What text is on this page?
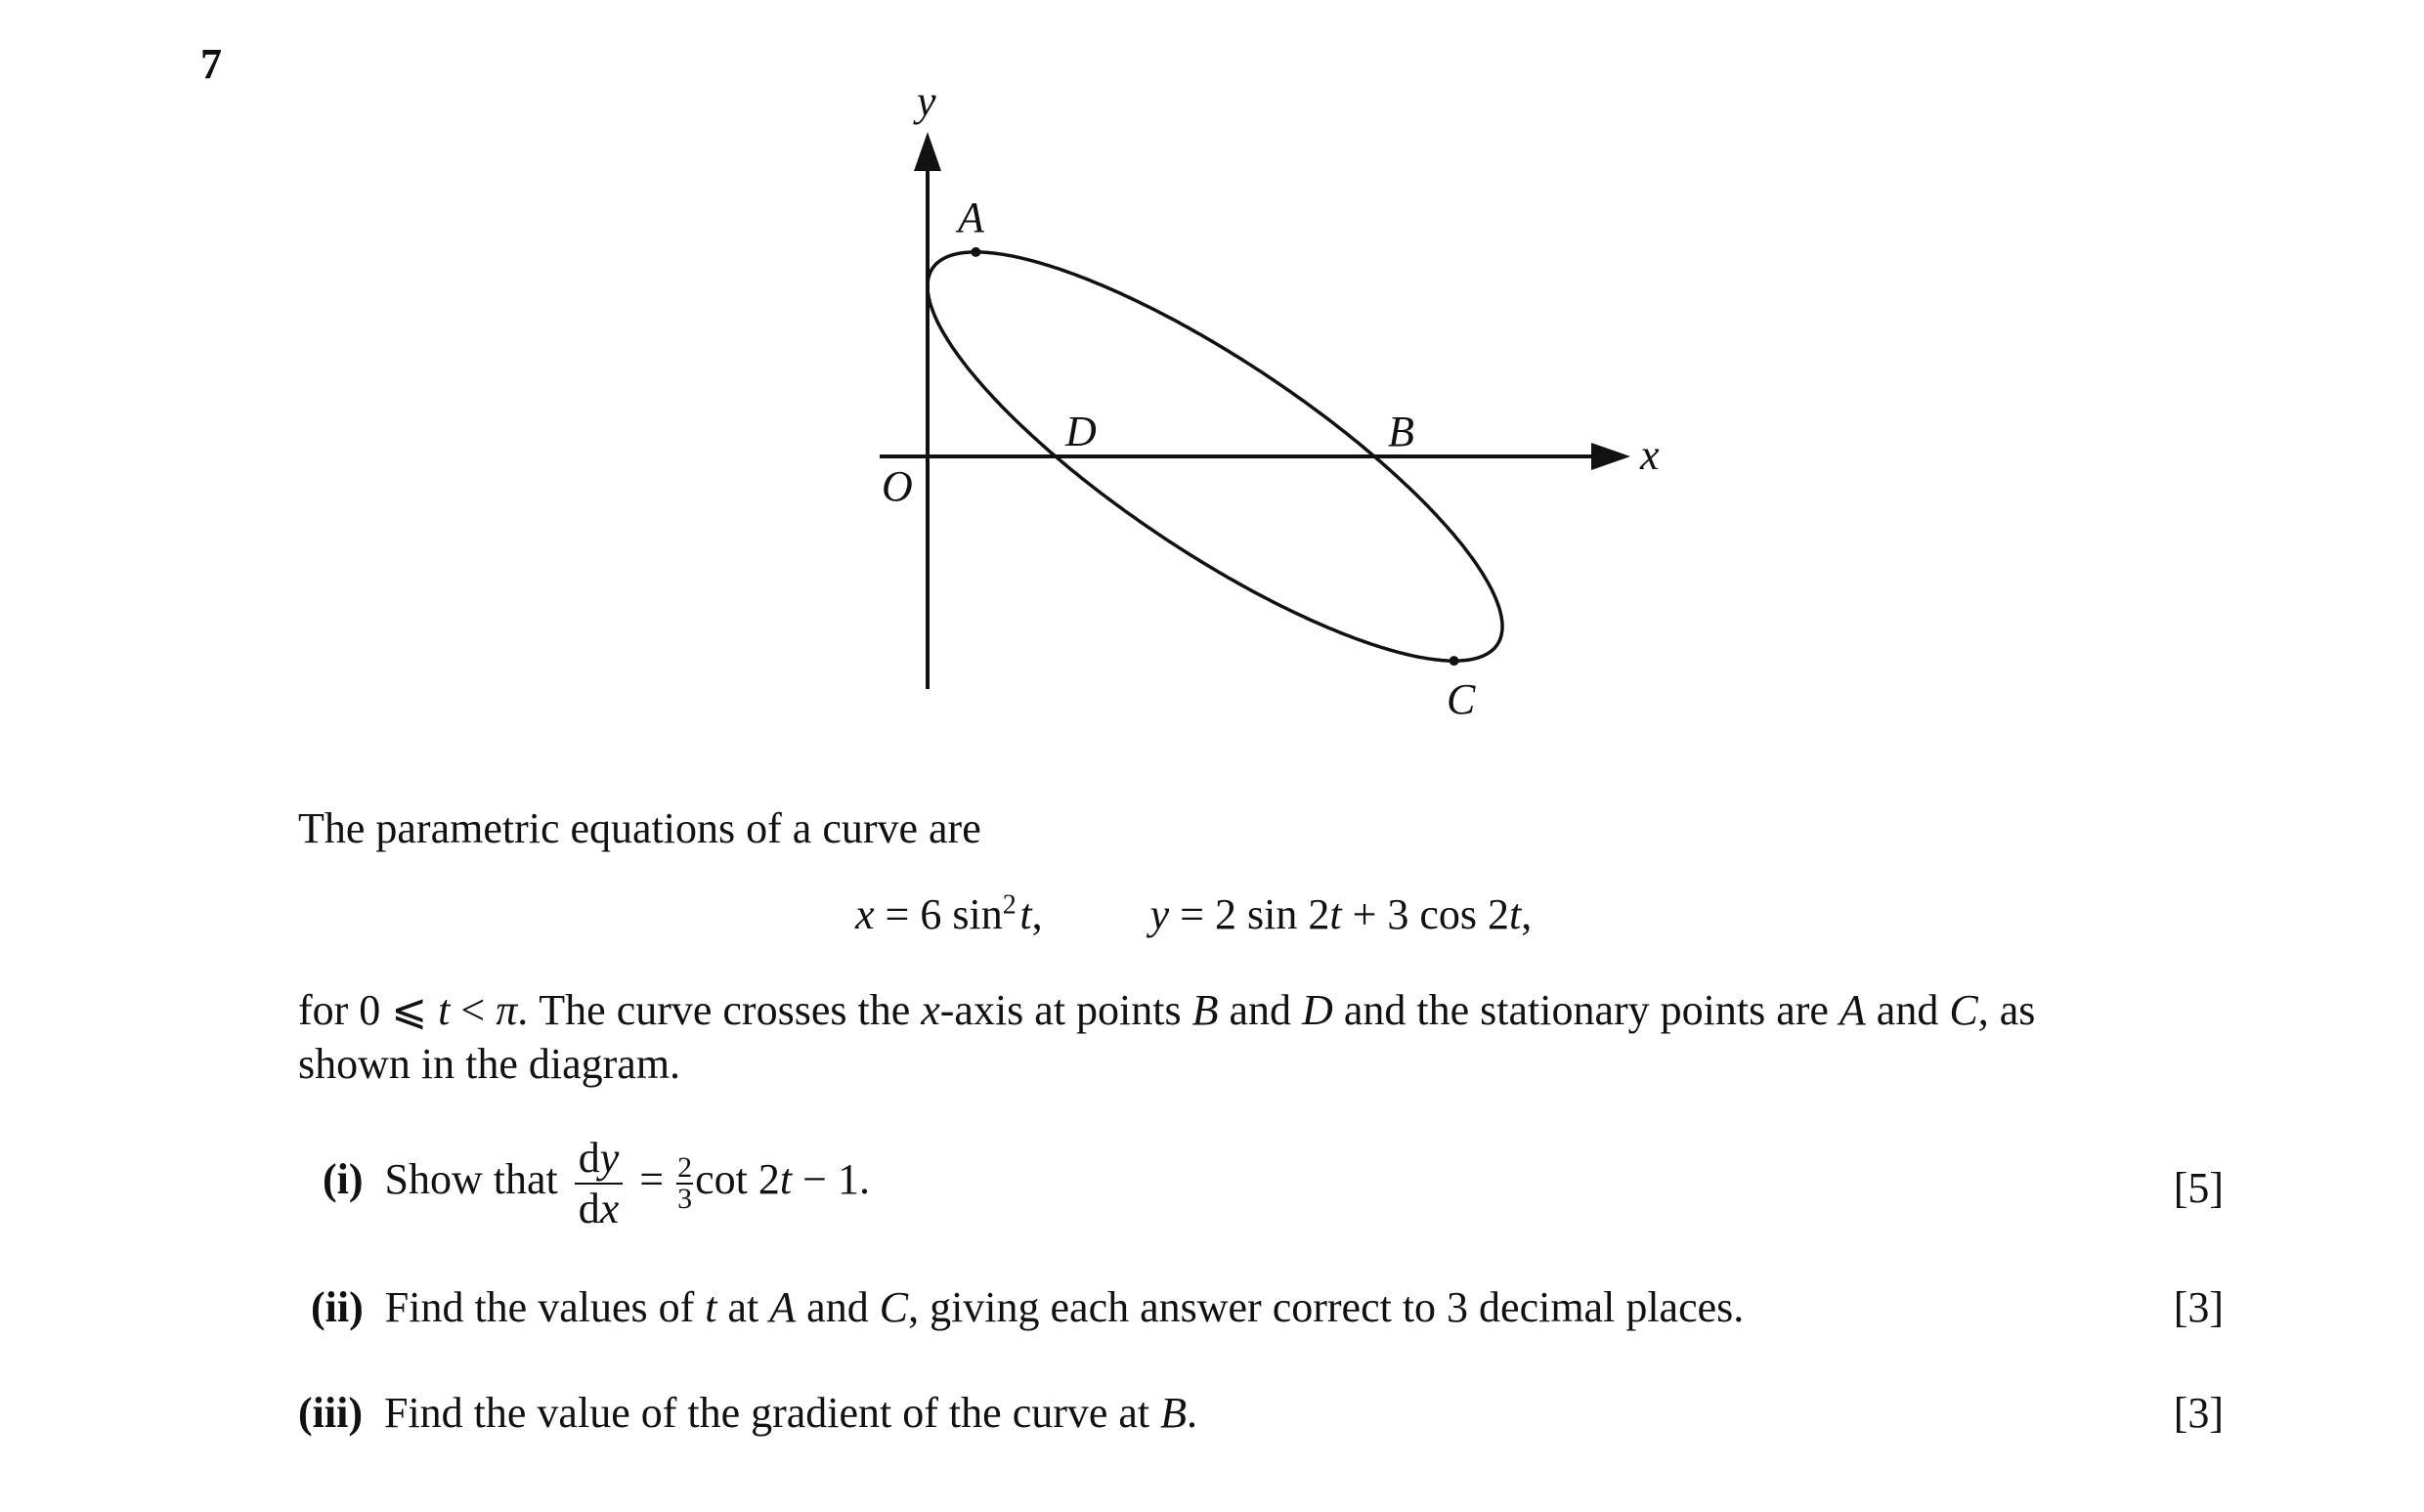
7
y
x
O
A
D	B
C
The parametric equations of a curve are
x = 6 $\sin^2$ t,	y = 2 sin 2t + 3 cos 2t,
for 0 ⩽ t < π. The curve crosses the x-axis at points B and D and the stationary points are A and C, as
shown in the diagram.
(i) Show that $\frac{dy}{dx} = \frac{2}{3}$ cot 2t − 1.	[5]
(ii) Find the values of t at A and C, giving each answer correct to 3 decimal places.	[3]
(iii) Find the value of the gradient of the curve at B.	[3]
